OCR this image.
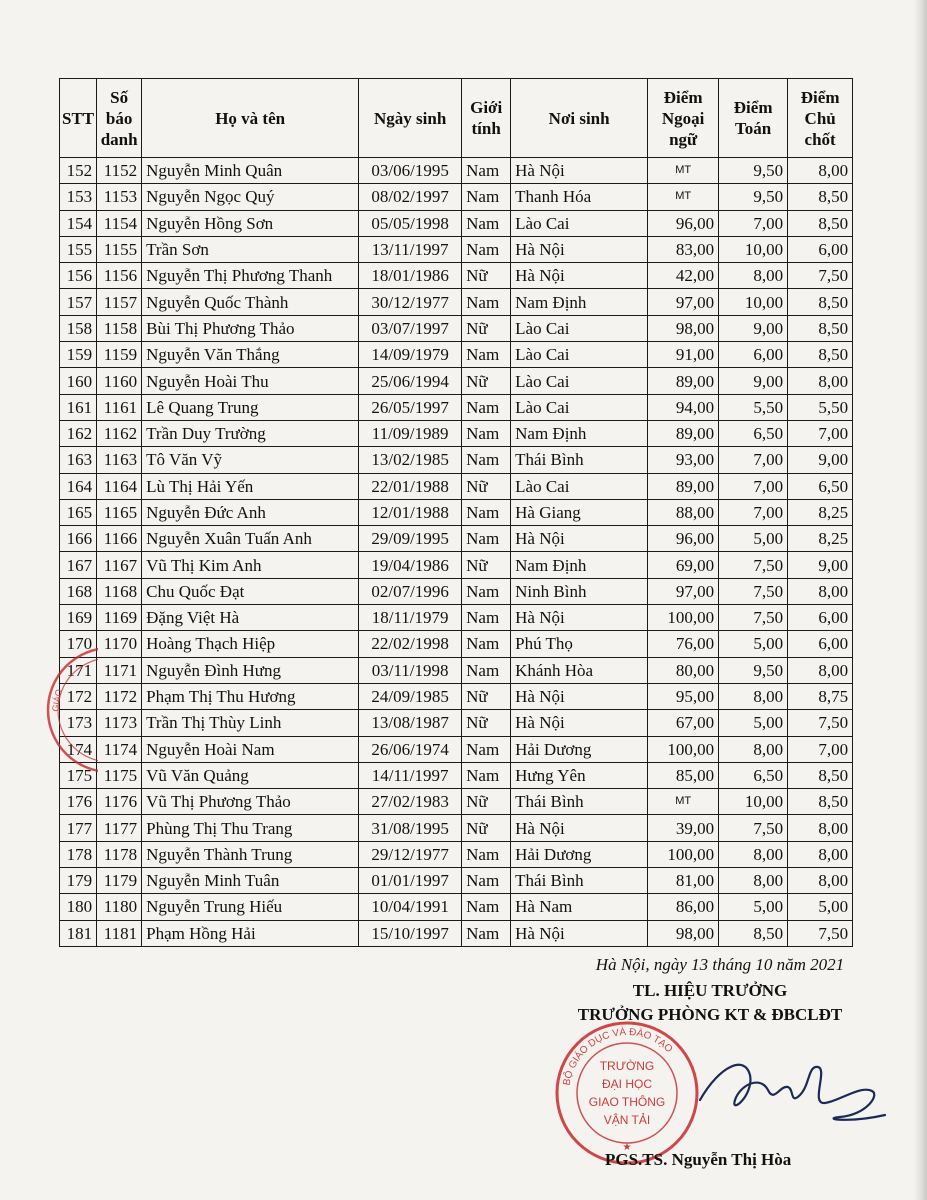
STT	Số
báo
danh	Họ và tên	Ngày sinh	Giới
tính	Nơi sinh	Điểm
Ngoại
ngữ	Điểm
Toán	Điểm
Chủ
chốt
152	1152	Nguyễn Minh Quân	03/06/1995	Nam	Hà Nội	MT	9,50	8,00
153	1153	Nguyễn Ngọc Quý	08/02/1997	Nam	Thanh Hóa	MT	9,50	8,50
154	1154	Nguyễn Hồng Sơn	05/05/1998	Nam	Lào Cai	96,00	7,00	8,50
155	1155	Trần Sơn	13/11/1997	Nam	Hà Nội	83,00	10,00	6,00
156	1156	Nguyễn Thị Phương Thanh	18/01/1986	Nữ	Hà Nội	42,00	8,00	7,50
157	1157	Nguyễn Quốc Thành	30/12/1977	Nam	Nam Định	97,00	10,00	8,50
158	1158	Bùi Thị Phương Thảo	03/07/1997	Nữ	Lào Cai	98,00	9,00	8,50
159	1159	Nguyễn Văn Thắng	14/09/1979	Nam	Lào Cai	91,00	6,00	8,50
160	1160	Nguyễn Hoài Thu	25/06/1994	Nữ	Lào Cai	89,00	9,00	8,00
161	1161	Lê Quang Trung	26/05/1997	Nam	Lào Cai	94,00	5,50	5,50
162	1162	Trần Duy Trường	11/09/1989	Nam	Nam Định	89,00	6,50	7,00
163	1163	Tô Văn Vỹ	13/02/1985	Nam	Thái Bình	93,00	7,00	9,00
164	1164	Lù Thị Hải Yến	22/01/1988	Nữ	Lào Cai	89,00	7,00	6,50
165	1165	Nguyễn Đức Anh	12/01/1988	Nam	Hà Giang	88,00	7,00	8,25
166	1166	Nguyễn Xuân Tuấn Anh	29/09/1995	Nam	Hà Nội	96,00	5,00	8,25
167	1167	Vũ Thị Kim Anh	19/04/1986	Nữ	Nam Định	69,00	7,50	9,00
168	1168	Chu Quốc Đạt	02/07/1996	Nam	Ninh Bình	97,00	7,50	8,00
169	1169	Đặng Việt Hà	18/11/1979	Nam	Hà Nội	100,00	7,50	6,00
170	1170	Hoàng Thạch Hiệp	22/02/1998	Nam	Phú Thọ	76,00	5,00	6,00
171	1171	Nguyễn Đình Hưng	03/11/1998	Nam	Khánh Hòa	80,00	9,50	8,00
172	1172	Phạm Thị Thu Hương	24/09/1985	Nữ	Hà Nội	95,00	8,00	8,75
173	1173	Trần Thị Thùy Linh	13/08/1987	Nữ	Hà Nội	67,00	5,00	7,50
174	1174	Nguyễn Hoài Nam	26/06/1974	Nam	Hải Dương	100,00	8,00	7,00
175	1175	Vũ Văn Quảng	14/11/1997	Nam	Hưng Yên	85,00	6,50	8,50
176	1176	Vũ Thị Phương Thảo	27/02/1983	Nữ	Thái Bình	MT	10,00	8,50
177	1177	Phùng Thị Thu Trang	31/08/1995	Nữ	Hà Nội	39,00	7,50	8,00
178	1178	Nguyễn Thành Trung	29/12/1977	Nam	Hải Dương	100,00	8,00	8,00
179	1179	Nguyễn Minh Tuân	01/01/1997	Nam	Thái Bình	81,00	8,00	8,00
180	1180	Nguyễn Trung Hiếu	10/04/1991	Nam	Hà Nam	86,00	5,00	5,00
181	1181	Phạm Hồng Hải	15/10/1997	Nam	Hà Nội	98,00	8,50	7,50
GIÁO
Hà Nội, ngày 13 tháng 10 năm 2021
TL. HIỆU TRƯỞNG
TRƯỞNG PHÒNG KT & ĐBCLĐT
BỘ GIÁO DỤC VÀ ĐÀO TẠO
TRƯỜNG
ĐẠI HỌC
GIAO THÔNG
VẬN TẢI
★
PGS.TS. Nguyễn Thị Hòa
